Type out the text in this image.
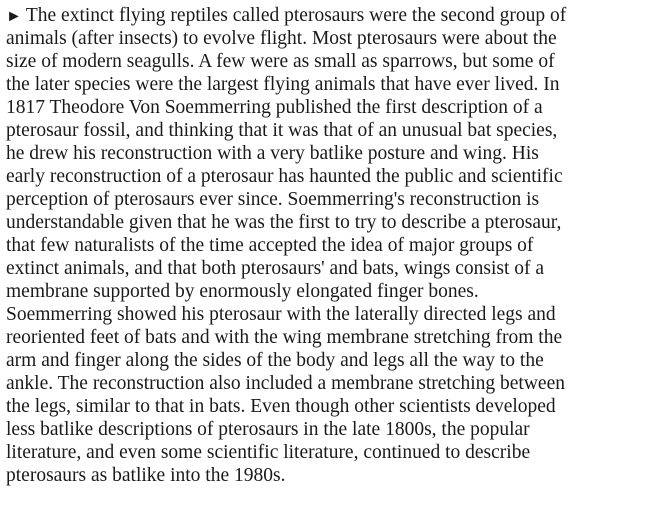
► The extinct flying reptiles called pterosaurs were the second group of
animals (after insects) to evolve flight. Most pterosaurs were about the
size of modern seagulls. A few were as small as sparrows, but some of
the later species were the largest flying animals that have ever lived. In
1817 Theodore Von Soemmerring published the first description of a
pterosaur fossil, and thinking that it was that of an unusual bat species,
he drew his reconstruction with a very batlike posture and wing. His
early reconstruction of a pterosaur has haunted the public and scientific
perception of pterosaurs ever since. Soemmerring's reconstruction is
understandable given that he was the first to try to describe a pterosaur,
that few naturalists of the time accepted the idea of major groups of
extinct animals, and that both pterosaurs' and bats, wings consist of a
membrane supported by enormously elongated finger bones.
Soemmerring showed his pterosaur with the laterally directed legs and
reoriented feet of bats and with the wing membrane stretching from the
arm and finger along the sides of the body and legs all the way to the
ankle. The reconstruction also included a membrane stretching between
the legs, similar to that in bats. Even though other scientists developed
less batlike descriptions of pterosaurs in the late 1800s, the popular
literature, and even some scientific literature, continued to describe
pterosaurs as batlike into the 1980s.
